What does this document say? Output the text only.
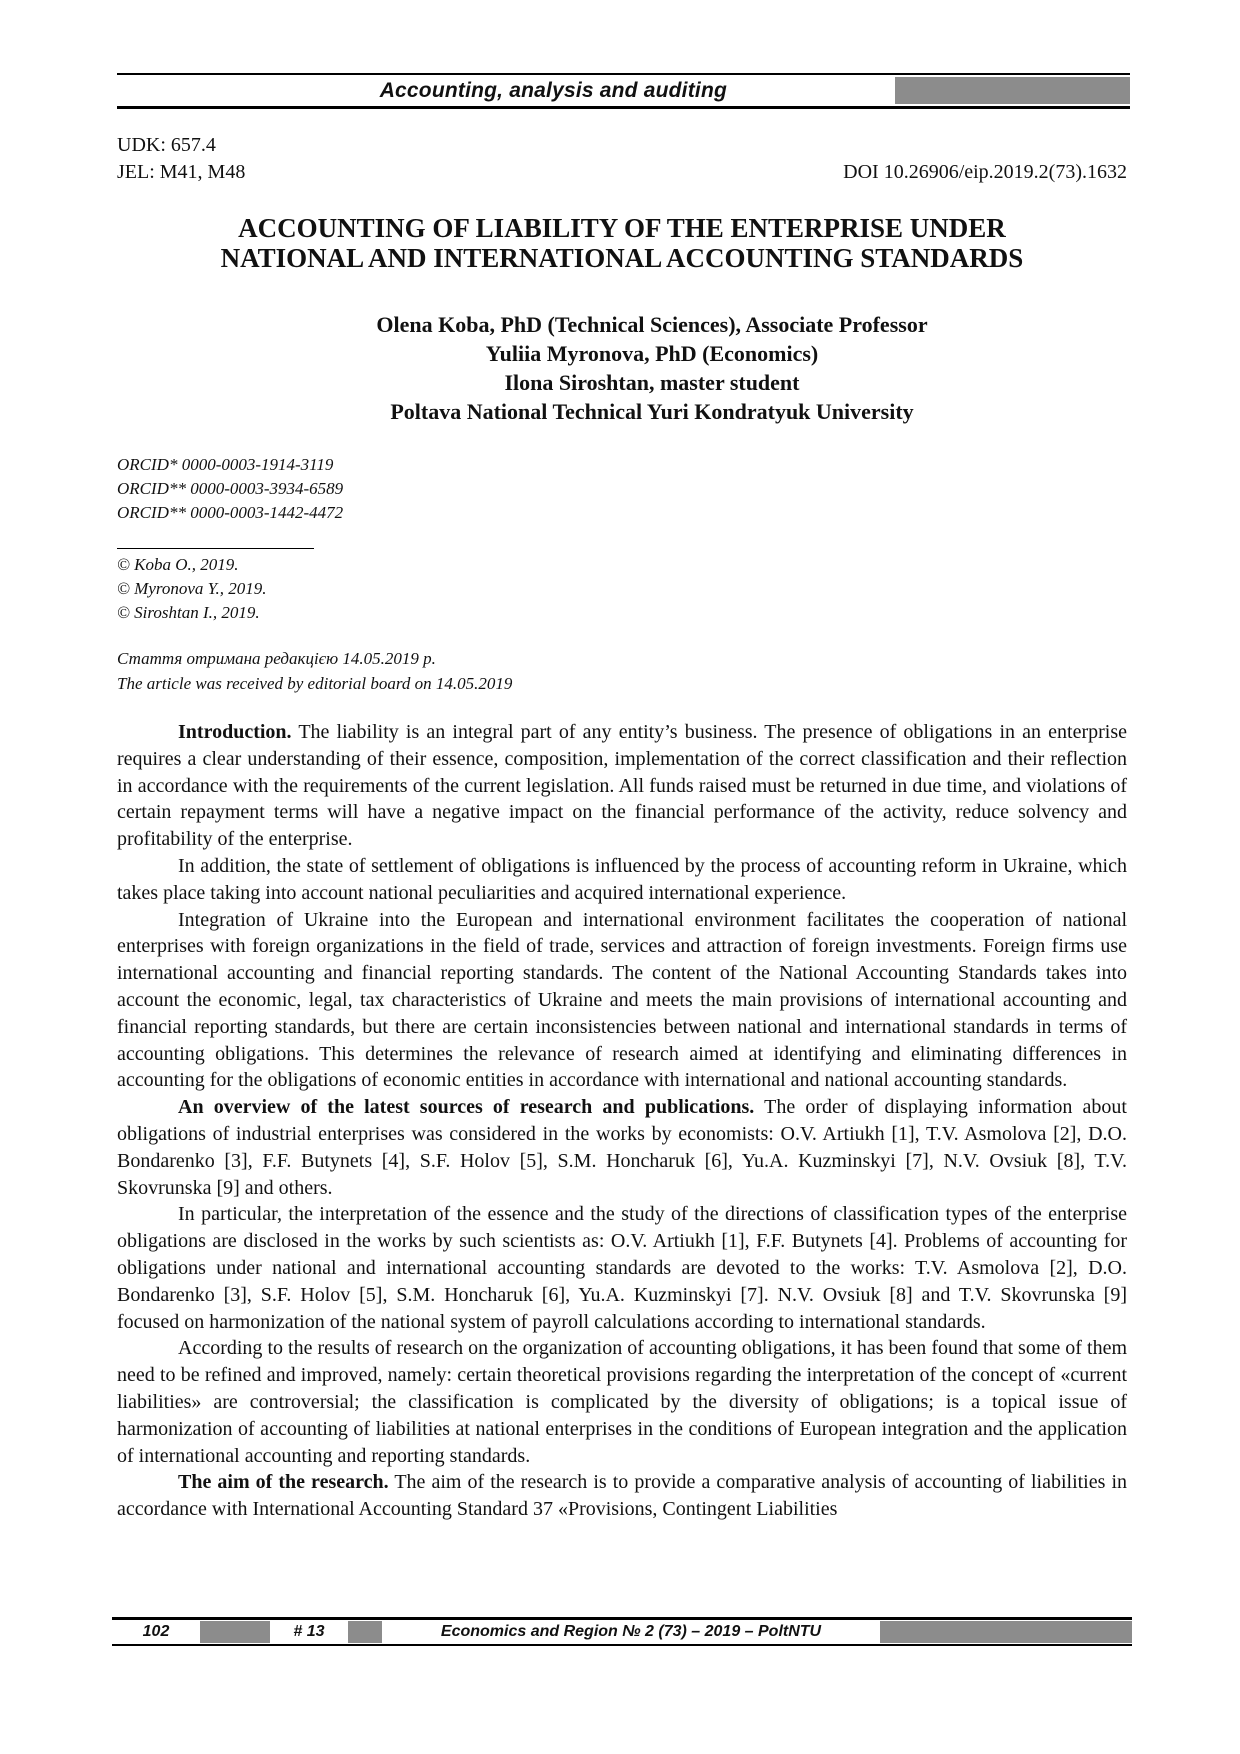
Accounting, analysis and auditing
UDK: 657.4
JEL: M41, M48	DOI 10.26906/eip.2019.2(73).1632
ACCOUNTING OF LIABILITY OF THE ENTERPRISE UNDER
NATIONAL AND INTERNATIONAL ACCOUNTING STANDARDS
Olena Koba, PhD (Technical Sciences), Associate Professor
Yuliia Myronova, PhD (Economics)
Ilona Siroshtan, master student
Poltava National Technical Yuri Kondratyuk University
ORCID* 0000-0003-1914-3119
ORCID** 0000-0003-3934-6589
ORCID** 0000-0003-1442-4472
© Koba O., 2019.
© Myronova Y., 2019.
© Siroshtan I., 2019.
Стаття отримана редакцією 14.05.2019 р.
The article was received by editorial board on 14.05.2019

Introduction. The liability is an integral part of any entity’s business. The presence of obligations in an enterprise requires a clear understanding of their essence, composition, implementation of the correct classification and their reflection in accordance with the requirements of the current legislation. All funds raised must be returned in due time, and violations of certain repayment terms will have a negative impact on the financial performance of the activity, reduce solvency and profitability of the enterprise.

In addition, the state of settlement of obligations is influenced by the process of accounting reform in Ukraine, which takes place taking into account national peculiarities and acquired international experience.

Integration of Ukraine into the European and international environment facilitates the cooperation of national enterprises with foreign organizations in the field of trade, services and attraction of foreign investments. Foreign firms use international accounting and financial reporting standards. The content of the National Accounting Standards takes into account the economic, legal, tax characteristics of Ukraine and meets the main provisions of international accounting and financial reporting standards, but there are certain inconsistencies between national and international standards in terms of accounting obligations. This determines the relevance of research aimed at identifying and eliminating differences in accounting for the obligations of economic entities in accordance with international and national accounting standards.

An overview of the latest sources of research and publications. The order of displaying information about obligations of industrial enterprises was considered in the works by economists: O.V. Artiukh [1], T.V. Asmolova [2], D.O. Bondarenko [3], F.F. Butynets [4], S.F. Holov [5], S.M. Honcharuk [6], Yu.A. Kuzminskyi [7], N.V. Ovsiuk [8], T.V. Skovrunska [9] and others.

In particular, the interpretation of the essence and the study of the directions of classification types of the enterprise obligations are disclosed in the works by such scientists as: O.V. Artiukh [1], F.F. Butynets [4]. Problems of accounting for obligations under national and international accounting standards are devoted to the works: T.V. Asmolova [2], D.O. Bondarenko [3], S.F. Holov [5], S.M. Honcharuk [6], Yu.A. Kuzminskyi [7]. N.V. Ovsiuk [8] and T.V. Skovrunska [9] focused on harmonization of the national system of payroll calculations according to international standards.

According to the results of research on the organization of accounting obligations, it has been found that some of them need to be refined and improved, namely: certain theoretical provisions regarding the interpretation of the concept of «current liabilities» are controversial; the classification is complicated by the diversity of obligations; is a topical issue of harmonization of accounting of liabilities at national enterprises in the conditions of European integration and the application of international accounting and reporting standards.

The aim of the research. The aim of the research is to provide a comparative analysis of accounting of liabilities in accordance with International Accounting Standard 37 «Provisions, Contingent Liabilities

102	# 13	Economics and Region № 2 (73) – 2019 – PoltNTU
